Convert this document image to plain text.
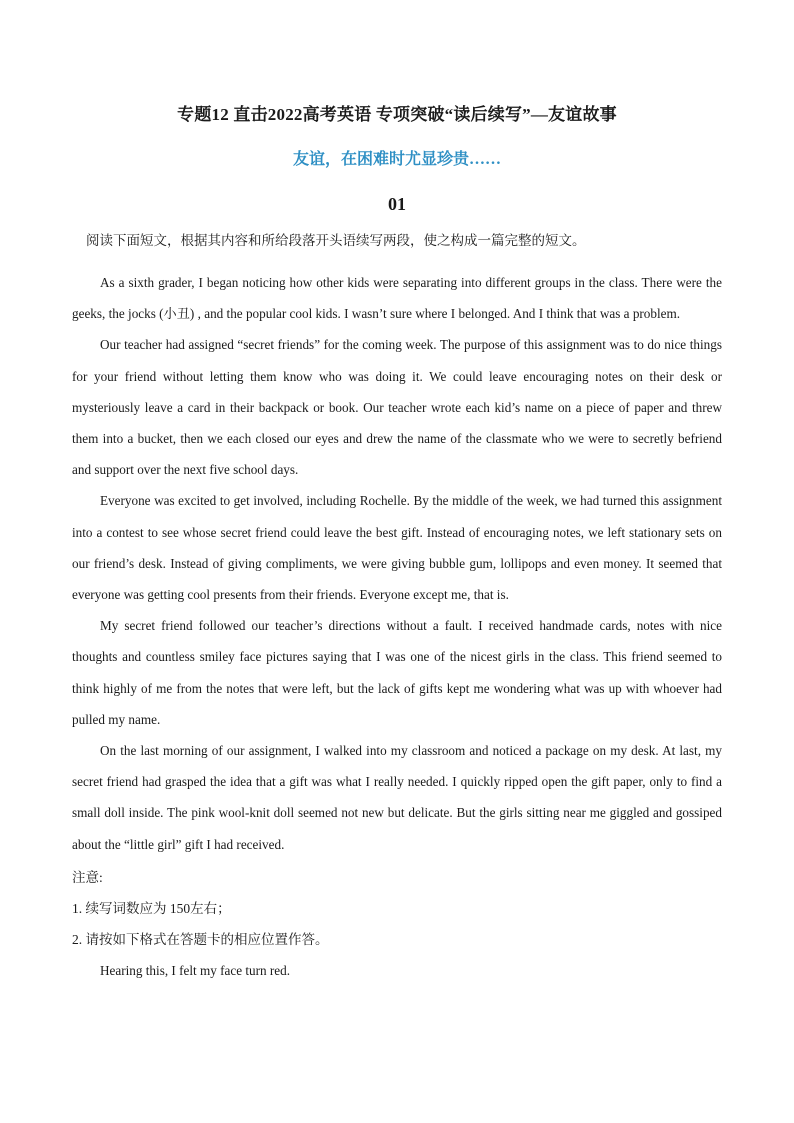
专题12 直击2022高考英语 专项突破“读后续写”—友谊故事
友谊，在困难时尤显珍贵……
01

阅读下面短文，根据其内容和所给段落开头语续写两段，使之构成一篇完整的短文。

As a sixth grader, I began noticing how other kids were separating into different groups in the class. There were the geeks, the jocks (小丑) , and the popular cool kids. I wasn’t sure where I belonged. And I think that was a problem.

Our teacher had assigned “secret friends” for the coming week. The purpose of this assignment was to do nice things for your friend without letting them know who was doing it. We could leave encouraging notes on their desk or mysteriously leave a card in their backpack or book. Our teacher wrote each kid’s name on a piece of paper and threw them into a bucket, then we each closed our eyes and drew the name of the classmate who we were to secretly befriend and support over the next five school days.

Everyone was excited to get involved, including Rochelle. By the middle of the week, we had turned this assignment into a contest to see whose secret friend could leave the best gift. Instead of encouraging notes, we left stationary sets on our friend’s desk. Instead of giving compliments, we were giving bubble gum, lollipops and even money. It seemed that everyone was getting cool presents from their friends. Everyone except me, that is.

My secret friend followed our teacher’s directions without a fault. I received handmade cards, notes with nice thoughts and countless smiley face pictures saying that I was one of the nicest girls in the class. This friend seemed to think highly of me from the notes that were left, but the lack of gifts kept me wondering what was up with whoever had pulled my name.

On the last morning of our assignment, I walked into my classroom and noticed a package on my desk. At last, my secret friend had grasped the idea that a gift was what I really needed. I quickly ripped open the gift paper, only to find a small doll inside. The pink wool-knit doll seemed not new but delicate. But the girls sitting near me giggled and gossiped about the “little girl” gift I had received.

注意:

1. 续写词数应为 150左右；

2. 请按如下格式在答题卡的相应位置作答。

Hearing this, I felt my face turn red.
